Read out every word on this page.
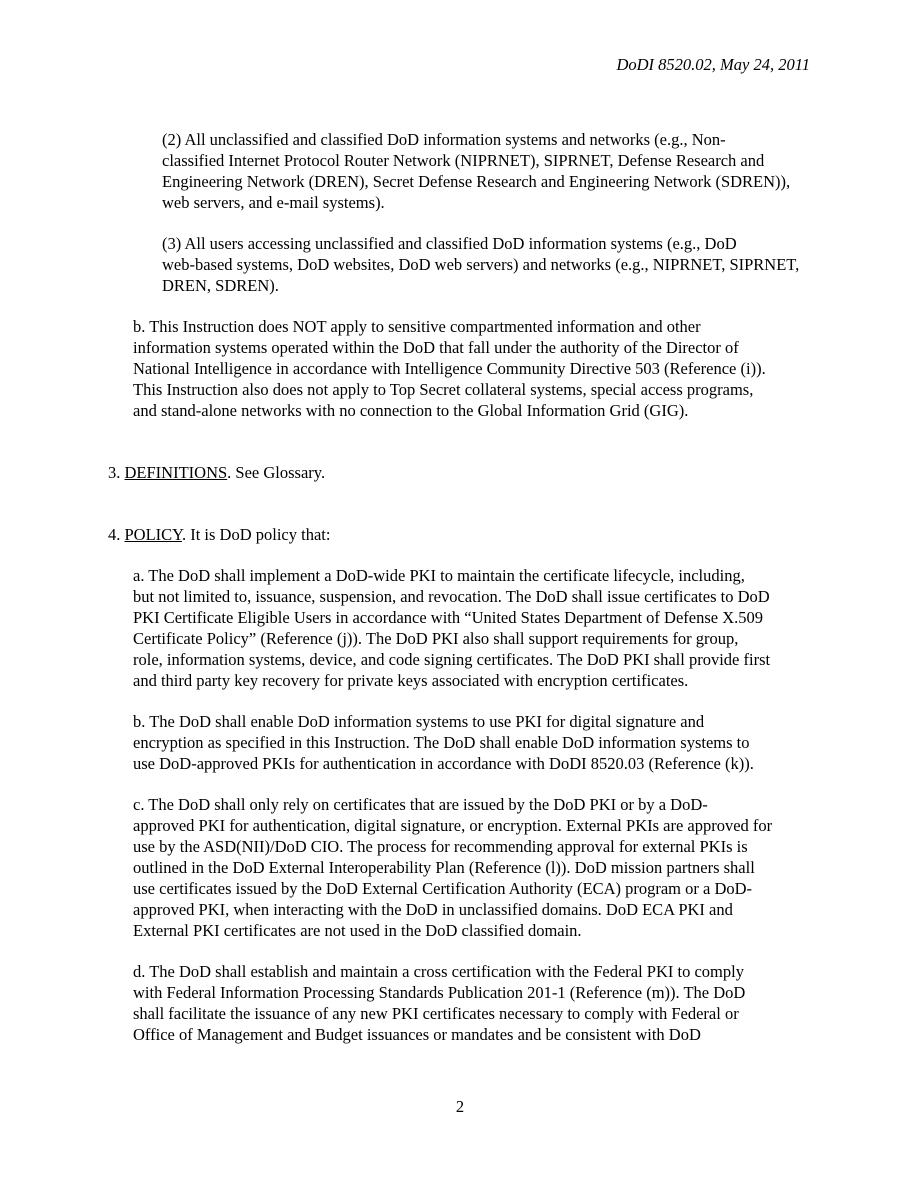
DoDI 8520.02, May 24, 2011
(2) All unclassified and classified DoD information systems and networks (e.g., Non-
classified Internet Protocol Router Network (NIPRNET), SIPRNET, Defense Research and
Engineering Network (DREN), Secret Defense Research and Engineering Network (SDREN)),
web servers, and e-mail systems).
(3) All users accessing unclassified and classified DoD information systems (e.g., DoD
web-based systems, DoD websites, DoD web servers) and networks (e.g., NIPRNET, SIPRNET,
DREN, SDREN).
b. This Instruction does NOT apply to sensitive compartmented information and other
information systems operated within the DoD that fall under the authority of the Director of
National Intelligence in accordance with Intelligence Community Directive 503 (Reference (i)).
This Instruction also does not apply to Top Secret collateral systems, special access programs,
and stand-alone networks with no connection to the Global Information Grid (GIG).
3. DEFINITIONS. See Glossary.
4. POLICY. It is DoD policy that:
a. The DoD shall implement a DoD-wide PKI to maintain the certificate lifecycle, including,
but not limited to, issuance, suspension, and revocation. The DoD shall issue certificates to DoD
PKI Certificate Eligible Users in accordance with “United States Department of Defense X.509
Certificate Policy” (Reference (j)). The DoD PKI also shall support requirements for group,
role, information systems, device, and code signing certificates. The DoD PKI shall provide first
and third party key recovery for private keys associated with encryption certificates.
b. The DoD shall enable DoD information systems to use PKI for digital signature and
encryption as specified in this Instruction. The DoD shall enable DoD information systems to
use DoD-approved PKIs for authentication in accordance with DoDI 8520.03 (Reference (k)).
c. The DoD shall only rely on certificates that are issued by the DoD PKI or by a DoD-
approved PKI for authentication, digital signature, or encryption. External PKIs are approved for
use by the ASD(NII)/DoD CIO. The process for recommending approval for external PKIs is
outlined in the DoD External Interoperability Plan (Reference (l)). DoD mission partners shall
use certificates issued by the DoD External Certification Authority (ECA) program or a DoD-
approved PKI, when interacting with the DoD in unclassified domains. DoD ECA PKI and
External PKI certificates are not used in the DoD classified domain.
d. The DoD shall establish and maintain a cross certification with the Federal PKI to comply
with Federal Information Processing Standards Publication 201-1 (Reference (m)). The DoD
shall facilitate the issuance of any new PKI certificates necessary to comply with Federal or
Office of Management and Budget issuances or mandates and be consistent with DoD
2
